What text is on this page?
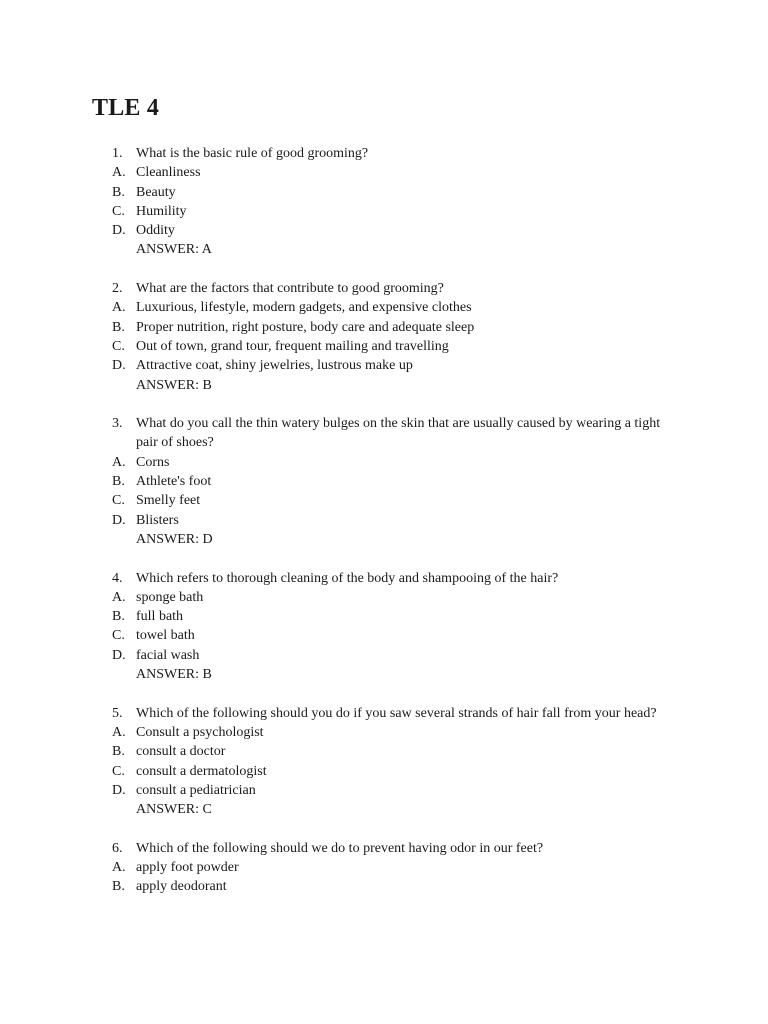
TLE 4
1. What is the basic rule of good grooming?
A. Cleanliness
B. Beauty
C. Humility
D. Oddity
ANSWER: A
2. What are the factors that contribute to good grooming?
A. Luxurious, lifestyle, modern gadgets, and expensive clothes
B. Proper nutrition, right posture, body care and adequate sleep
C. Out of town, grand tour, frequent mailing and travelling
D. Attractive coat, shiny jewelries, lustrous make up
ANSWER: B
3. What do you call the thin watery bulges on the skin that are usually caused by wearing a tight pair of shoes?
A. Corns
B. Athlete's foot
C. Smelly feet
D. Blisters
ANSWER: D
4. Which refers to thorough cleaning of the body and shampooing of the hair?
A. sponge bath
B. full bath
C. towel bath
D. facial wash
ANSWER: B
5. Which of the following should you do if you saw several strands of hair fall from your head?
A. Consult a psychologist
B. consult a doctor
C. consult a dermatologist
D. consult a pediatrician
ANSWER: C
6. Which of the following should we do to prevent having odor in our feet?
A. apply foot powder
B. apply deodorant
